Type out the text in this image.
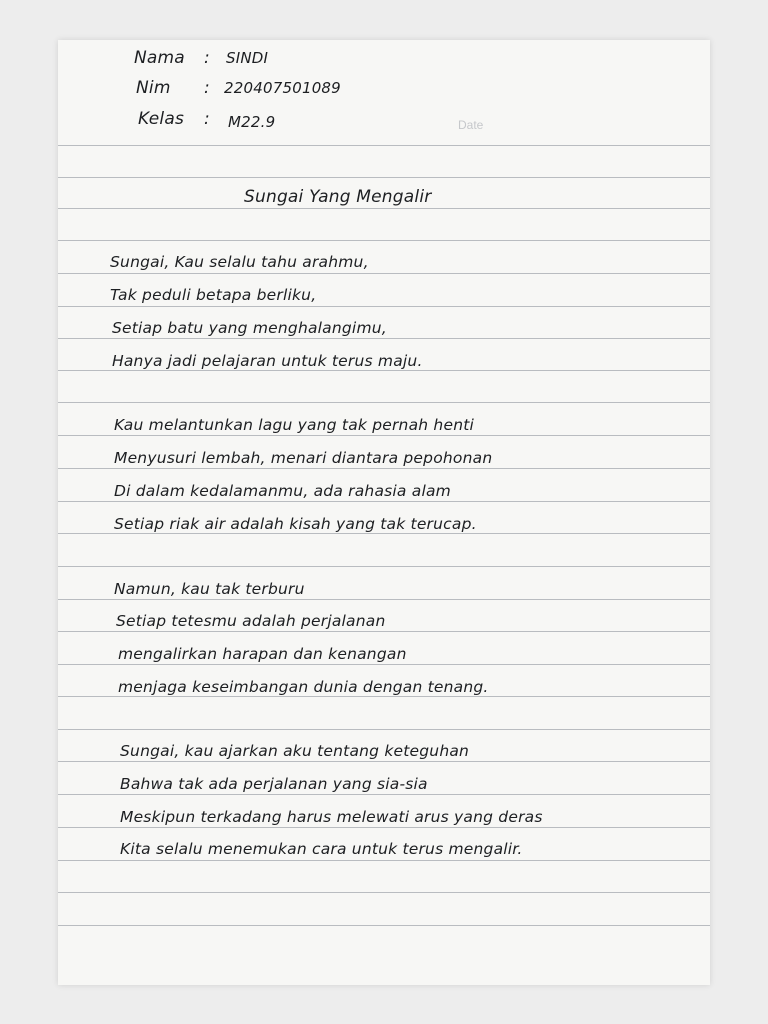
Date
Nama : SINDI
Nim : 220407501089
Kelas : M22.9
Sungai Yang Mengalir
Sungai, Kau selalu tahu arahmu,
Tak peduli betapa berliku,
Setiap batu yang menghalangimu,
Hanya jadi pelajaran untuk terus maju.
Kau melantunkan lagu yang tak pernah henti
Menyusuri lembah, menari diantara pepohonan
Di dalam kedalamanmu, ada rahasia alam
Setiap riak air adalah kisah yang tak terucap.
Namun, kau tak terburu
Setiap tetesmu adalah perjalanan
mengalirkan harapan dan kenangan
menjaga keseimbangan dunia dengan tenang.
Sungai, kau ajarkan aku tentang keteguhan
Bahwa tak ada perjalanan yang sia-sia
Meskipun terkadang harus melewati arus yang deras
Kita selalu menemukan cara untuk terus mengalir.
